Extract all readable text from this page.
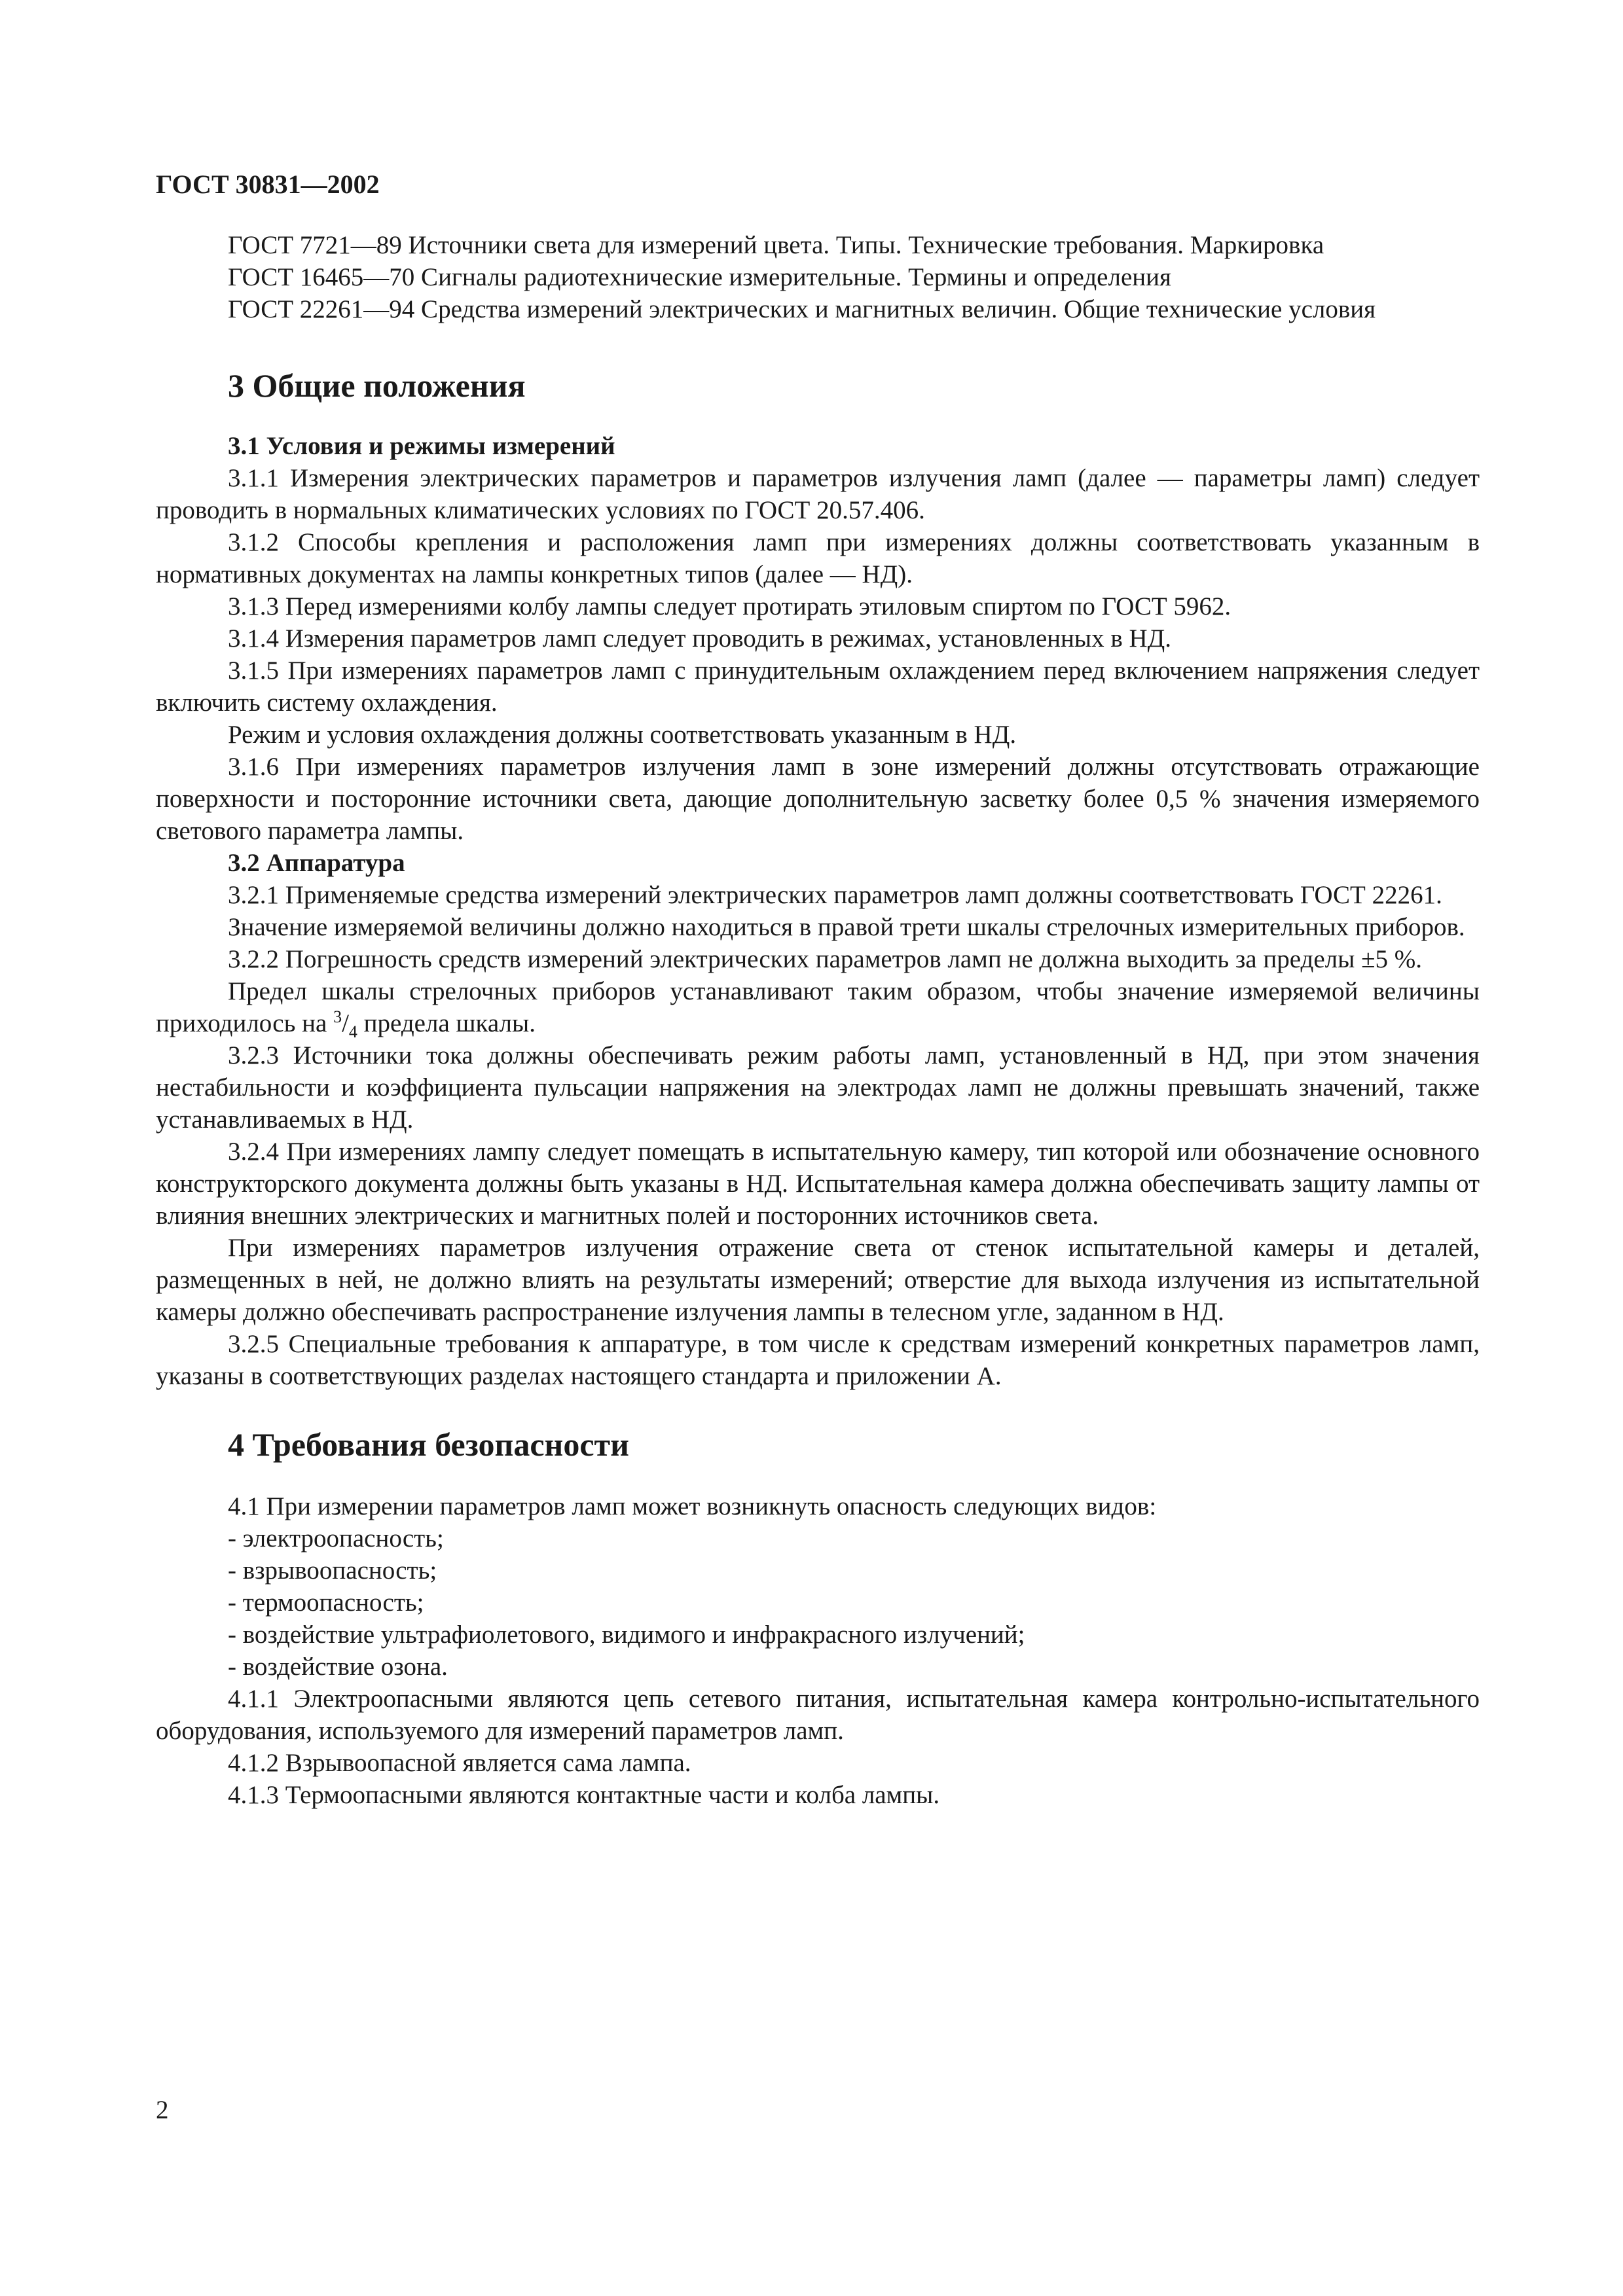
ГОСТ 30831—2002

ГОСТ 7721—89 Источники света для измерений цвета. Типы. Технические требования. Маркировка

ГОСТ 16465—70 Сигналы радиотехнические измерительные. Термины и определения

ГОСТ 22261—94 Средства измерений электрических и магнитных величин. Общие технические условия

3 Общие положения
3.1 Условия и режимы измерений

3.1.1 Измерения электрических параметров и параметров излучения ламп (далее — параметры ламп) следует проводить в нормальных климатических условиях по ГОСТ 20.57.406.

3.1.2 Способы крепления и расположения ламп при измерениях должны соответствовать указанным в нормативных документах на лампы конкретных типов (далее — НД).

3.1.3 Перед измерениями колбу лампы следует протирать этиловым спиртом по ГОСТ 5962.

3.1.4 Измерения параметров ламп следует проводить в режимах, установленных в НД.

3.1.5 При измерениях параметров ламп с принудительным охлаждением перед включением напряжения следует включить систему охлаждения.

Режим и условия охлаждения должны соответствовать указанным в НД.

3.1.6 При измерениях параметров излучения ламп в зоне измерений должны отсутствовать отражающие поверхности и посторонние источники света, дающие дополнительную засветку более 0,5 % значения измеряемого светового параметра лампы.

3.2 Аппаратура

3.2.1 Применяемые средства измерений электрических параметров ламп должны соответствовать ГОСТ 22261.

Значение измеряемой величины должно находиться в правой трети шкалы стрелочных измерительных приборов.

3.2.2 Погрешность средств измерений электрических параметров ламп не должна выходить за пределы ±5 %.

Предел шкалы стрелочных приборов устанавливают таким образом, чтобы значение измеряемой величины приходилось на $^3/_4$ предела шкалы.

3.2.3 Источники тока должны обеспечивать режим работы ламп, установленный в НД, при этом значения нестабильности и коэффициента пульсации напряжения на электродах ламп не должны превышать значений, также устанавливаемых в НД.

3.2.4 При измерениях лампу следует помещать в испытательную камеру, тип которой или обозначение основного конструкторского документа должны быть указаны в НД. Испытательная камера должна обеспечивать защиту лампы от влияния внешних электрических и магнитных полей и посторонних источников света.

При измерениях параметров излучения отражение света от стенок испытательной камеры и деталей, размещенных в ней, не должно влиять на результаты измерений; отверстие для выхода излучения из испытательной камеры должно обеспечивать распространение излучения лампы в телесном угле, заданном в НД.

3.2.5 Специальные требования к аппаратуре, в том числе к средствам измерений конкретных параметров ламп, указаны в соответствующих разделах настоящего стандарта и приложении А.

4 Требования безопасности

4.1 При измерении параметров ламп может возникнуть опасность следующих видов:

- электроопасность;

- взрывоопасность;

- термоопасность;

- воздействие ультрафиолетового, видимого и инфракрасного излучений;

- воздействие озона.

4.1.1 Электроопасными являются цепь сетевого питания, испытательная камера контрольно-испытательного оборудования, используемого для измерений параметров ламп.

4.1.2 Взрывоопасной является сама лампа.

4.1.3 Термоопасными являются контактные части и колба лампы.

2
